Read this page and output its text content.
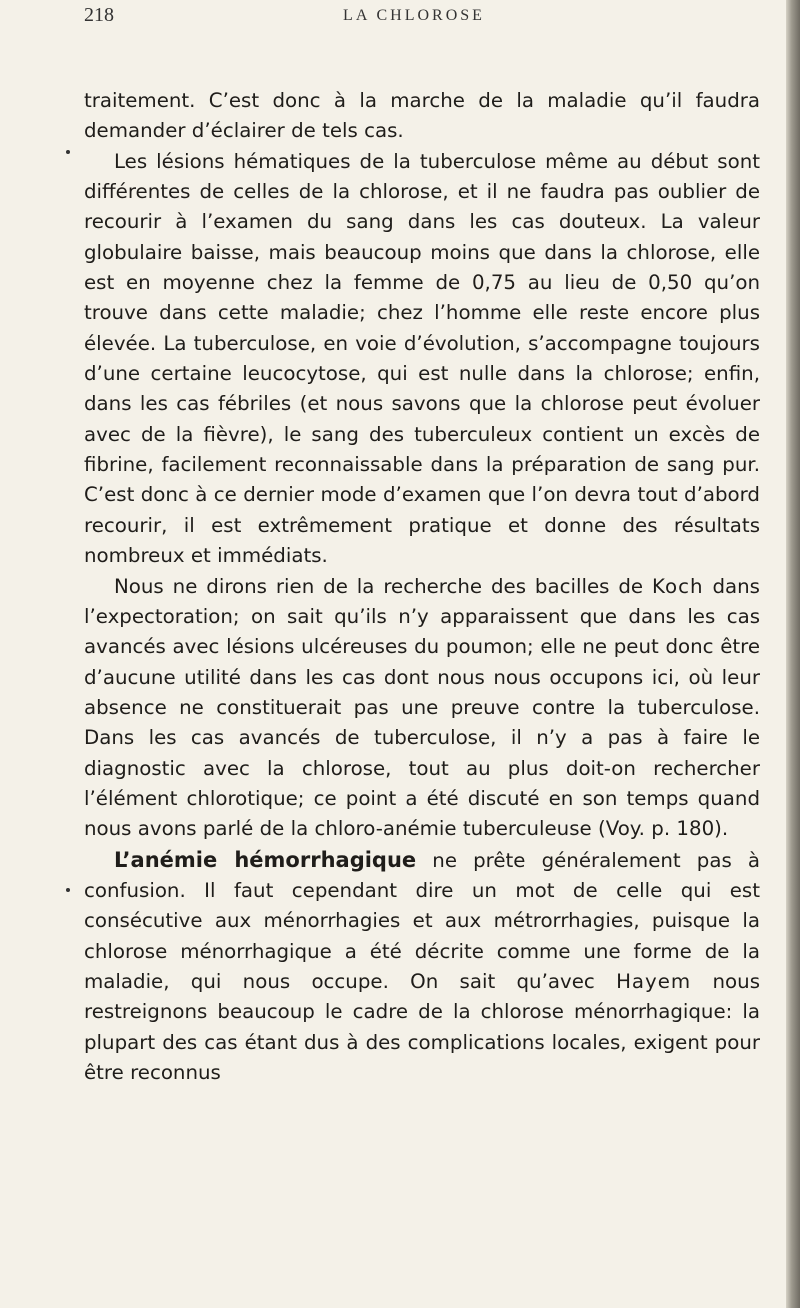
218	LA CHLOROSE

traitement. C’est donc à la marche de la maladie qu’il faudra demander d’éclairer de tels cas.

Les lésions hématiques de la tuberculose même au début sont différentes de celles de la chlorose, et il ne faudra pas oublier de recourir à l’examen du sang dans les cas douteux. La valeur globulaire baisse, mais beaucoup moins que dans la chlorose, elle est en moyenne chez la femme de 0,75 au lieu de 0,50 qu’on trouve dans cette maladie; chez l’homme elle reste encore plus élevée. La tuberculose, en voie d’évolution, s’accompagne toujours d’une certaine leucocytose, qui est nulle dans la chlorose; enfin, dans les cas fébriles (et nous savons que la chlorose peut évoluer avec de la fièvre), le sang des tuberculeux contient un excès de fibrine, facilement reconnaissable dans la préparation de sang pur. C’est donc à ce dernier mode d’examen que l’on devra tout d’abord recourir, il est extrêmement pratique et donne des résultats nombreux et immédiats.

Nous ne dirons rien de la recherche des bacilles de Koch dans l’expectoration; on sait qu’ils n’y apparaissent que dans les cas avancés avec lésions ulcéreuses du poumon; elle ne peut donc être d’aucune utilité dans les cas dont nous nous occupons ici, où leur absence ne constituerait pas une preuve contre la tuberculose. Dans les cas avancés de tuberculose, il n’y a pas à faire le diagnostic avec la chlorose, tout au plus doit-on rechercher l’élément chlorotique; ce point a été discuté en son temps quand nous avons parlé de la chloro-anémie tuberculeuse (Voy. p. 180).

L’anémie hémorrhagique ne prête généralement pas à confusion. Il faut cependant dire un mot de celle qui est consécutive aux ménorrhagies et aux métrorrhagies, puisque la chlorose ménorrhagique a été décrite comme une forme de la maladie, qui nous occupe. On sait qu’avec Hayem nous restreignons beaucoup le cadre de la chlorose ménorrhagique: la plupart des cas étant dus à des complications locales, exigent pour être reconnus
